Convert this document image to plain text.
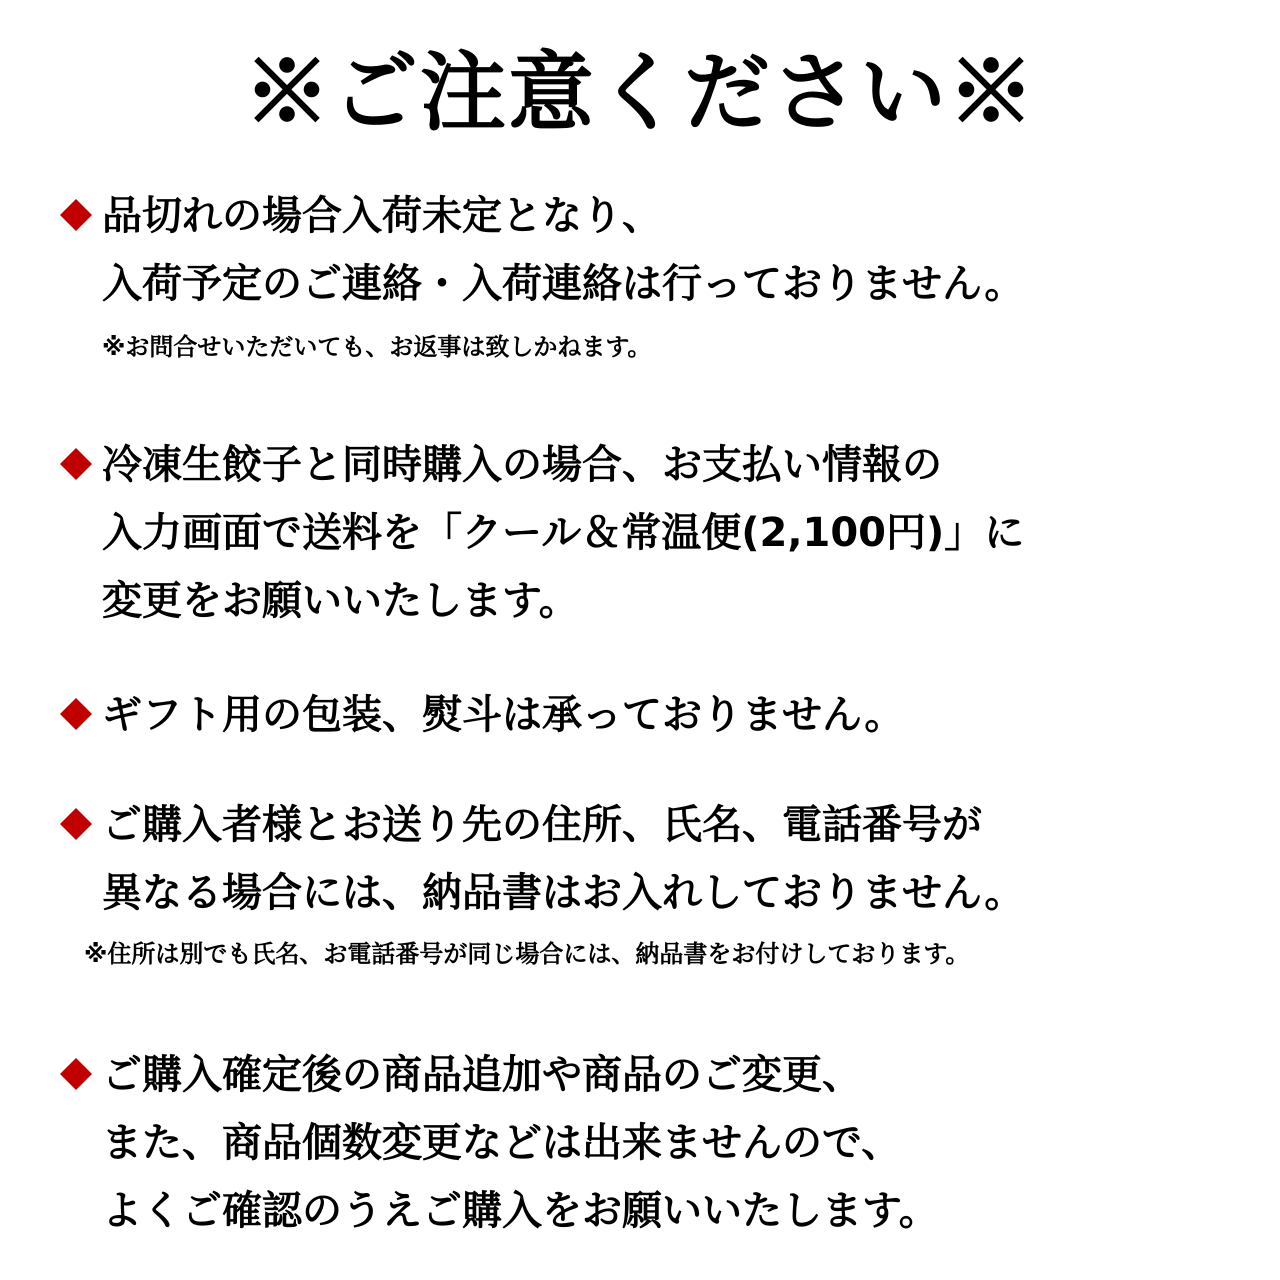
※ご注意ください※
品切れの場合入荷未定となり、
入荷予定のご連絡・入荷連絡は行っておりません。
※お問合せいただいても、お返事は致しかねます。
冷凍生餃子と同時購入の場合、お支払い情報の
入力画面で送料を「クール＆常温便(2,100円)」に
変更をお願いいたします。
ギフト用の包装、熨斗は承っておりません。
ご購入者様とお送り先の住所、氏名、電話番号が
異なる場合には、納品書はお入れしておりません。
※住所は別でも氏名、お電話番号が同じ場合には、納品書をお付けしております。
ご購入確定後の商品追加や商品のご変更、
また、商品個数変更などは出来ませんので、
よくご確認のうえご購入をお願いいたします。
